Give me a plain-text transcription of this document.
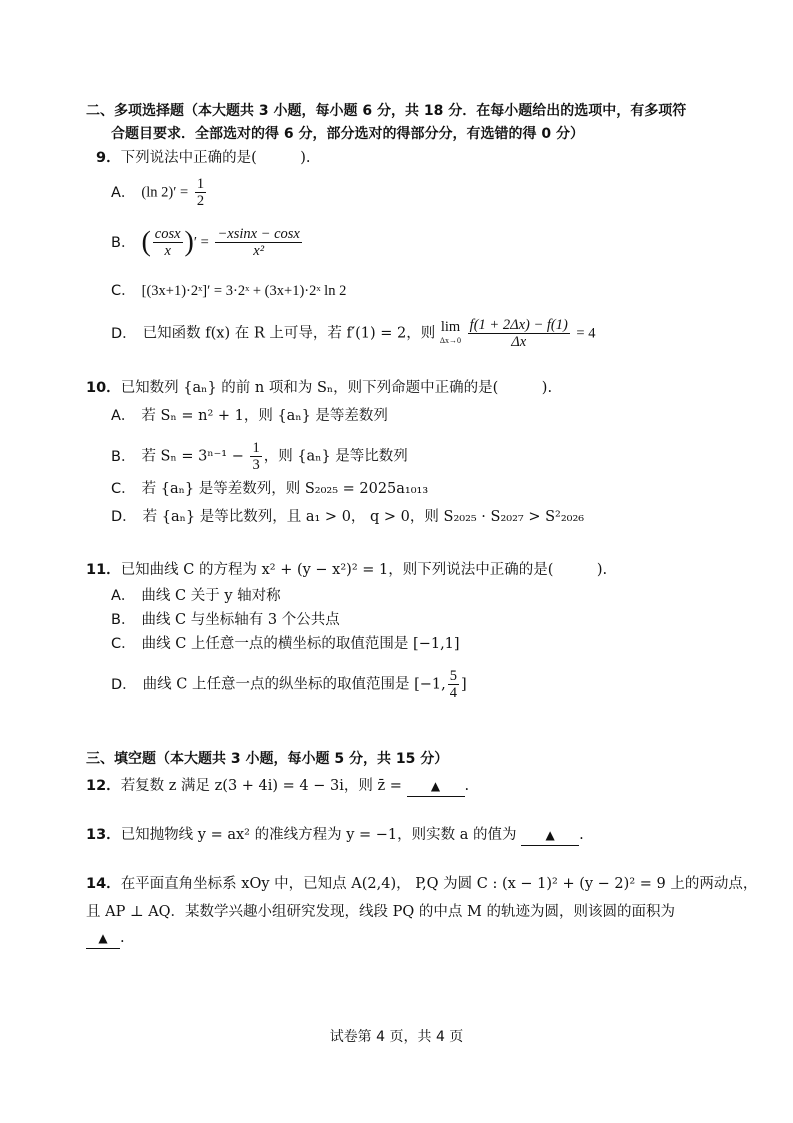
二、多项选择题（本大题共 3 小题，每小题 6 分，共 18 分．在每小题给出的选项中，有多项符
合题目要求．全部选对的得 6 分，部分选对的得部分分，有选错的得 0 分）
9．下列说法中正确的是(　　　).
A． (ln $2)' = \frac{1}{2}$
B． ( $\frac{\cos x}{x}$ )′ = $\frac{-xsinx - \cos x}{\text{x²}}$
C． [(3x+1)·2ˣ]′ = 3·2ˣ + (3x+1)·2ˣ ln 2
D． 已知函数 f(x) 在 R 上可导，若 f′(1) = 2，则 lim
Δx→0
$\frac{f(1 + 2\Delta x) - f(1)}{\Delta x} = 4$
10．已知数列 {aₙ} 的前 n 项和为 Sₙ，则下列命题中正确的是(　　　).
A． 若 Sₙ = n² + 1，则 {aₙ} 是等差数列
B． 若 $S_n = 3^{n-1} - \frac{1}{3}$ ，则 {aₙ} 是等比数列
C． 若 {aₙ} 是等差数列，则 S₂₀₂₅ = 2025a₁₀₁₃
D． 若 {aₙ} 是等比数列，且 a₁ > 0， q > 0，则 S₂₀₂₅ · S₂₀₂₇ > S²₂₀₂₆
11．已知曲线 C 的方程为 x² + (y − x²)² = 1，则下列说法中正确的是(　　　).
A． 曲线 C 关于 y 轴对称
B． 曲线 C 与坐标轴有 3 个公共点
C． 曲线 C 上任意一点的横坐标的取值范围是 [−1,1]
D． 曲线 C 上任意一点的纵坐标的取值范围是 [−1, $\frac{5}{4}$ ]
三、填空题（本大题共 3 小题，每小题 5 分，共 15 分）
12．若复数 z 满足 z(3 + 4i) = 4 − 3i，则 z̄ = ▲ .
13．已知抛物线 y = ax² 的准线方程为 y = −1，则实数 a 的值为 ▲ .
14．在平面直角坐标系 xOy 中，已知点 A(2,4)， P,Q 为圆 C : (x − 1)² + (y − 2)² = 9 上的两动点，
且 AP ⊥ AQ．某数学兴趣小组研究发现，线段 PQ 的中点 M 的轨迹为圆，则该圆的面积为
▲ .
试卷第 4 页，共 4 页
